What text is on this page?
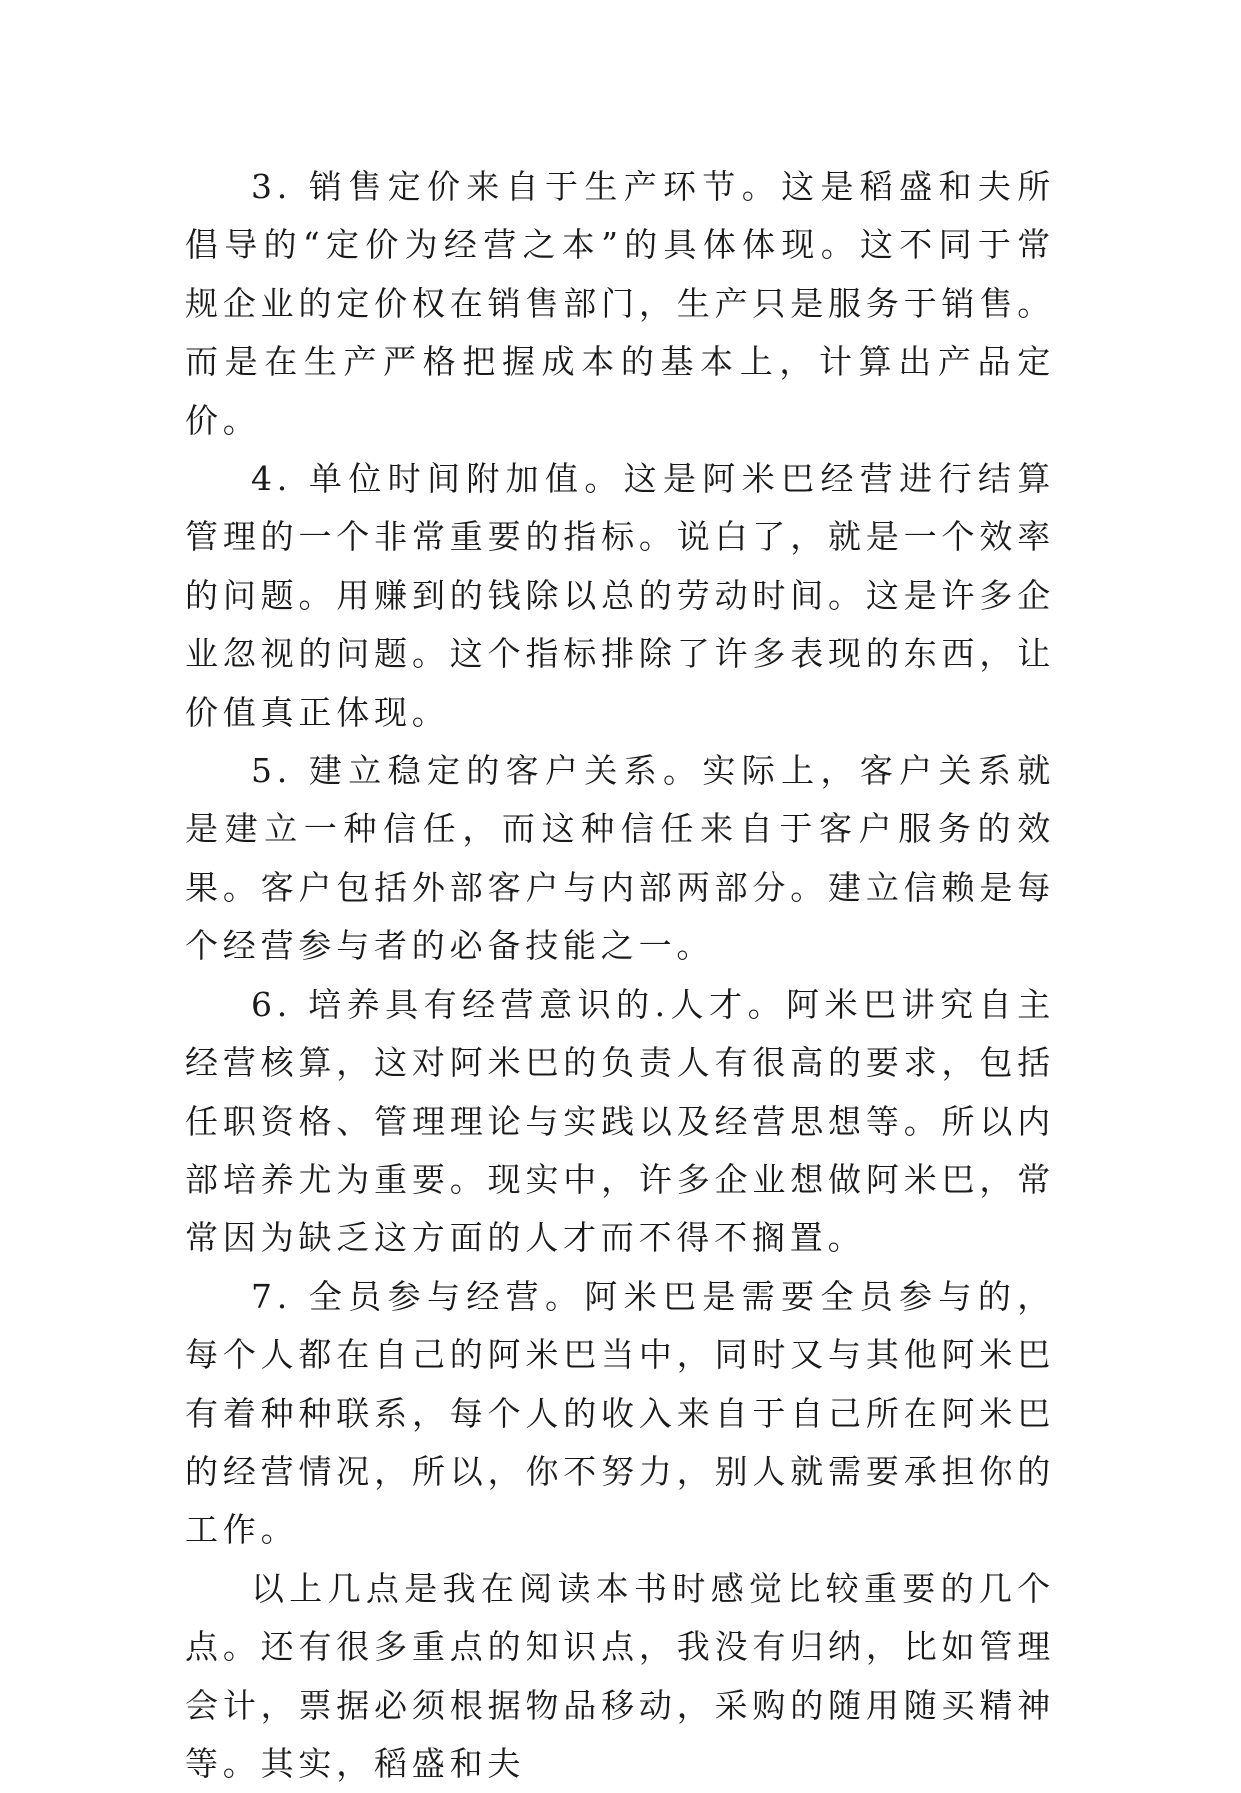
3. 销售定价来自于生产环节。这是稻盛和夫所倡导的“定价为经营之本”的具体体现。这不同于常规企业的定价权在销售部门，生产只是服务于销售。而是在生产严格把握成本的基本上，计算出产品定价。

4. 单位时间附加值。这是阿米巴经营进行结算管理的一个非常重要的指标。说白了，就是一个效率的问题。用赚到的钱除以总的劳动时间。这是许多企业忽视的问题。这个指标排除了许多表现的东西，让价值真正体现。

5. 建立稳定的客户关系。实际上，客户关系就是建立一种信任，而这种信任来自于客户服务的效果。客户包括外部客户与内部两部分。建立信赖是每个经营参与者的必备技能之一。

6. 培养具有经营意识的.人才。阿米巴讲究自主经营核算，这对阿米巴的负责人有很高的要求，包括任职资格、管理理论与实践以及经营思想等。所以内部培养尤为重要。现实中，许多企业想做阿米巴，常常因为缺乏这方面的人才而不得不搁置。

7. 全员参与经营。阿米巴是需要全员参与的，每个人都在自己的阿米巴当中，同时又与其他阿米巴有着种种联系，每个人的收入来自于自己所在阿米巴的经营情况，所以，你不努力，别人就需要承担你的工作。

以上几点是我在阅读本书时感觉比较重要的几个点。还有很多重点的知识点，我没有归纳，比如管理会计，票据必须根据物品移动，采购的随用随买精神等。其实，稻盛和夫
